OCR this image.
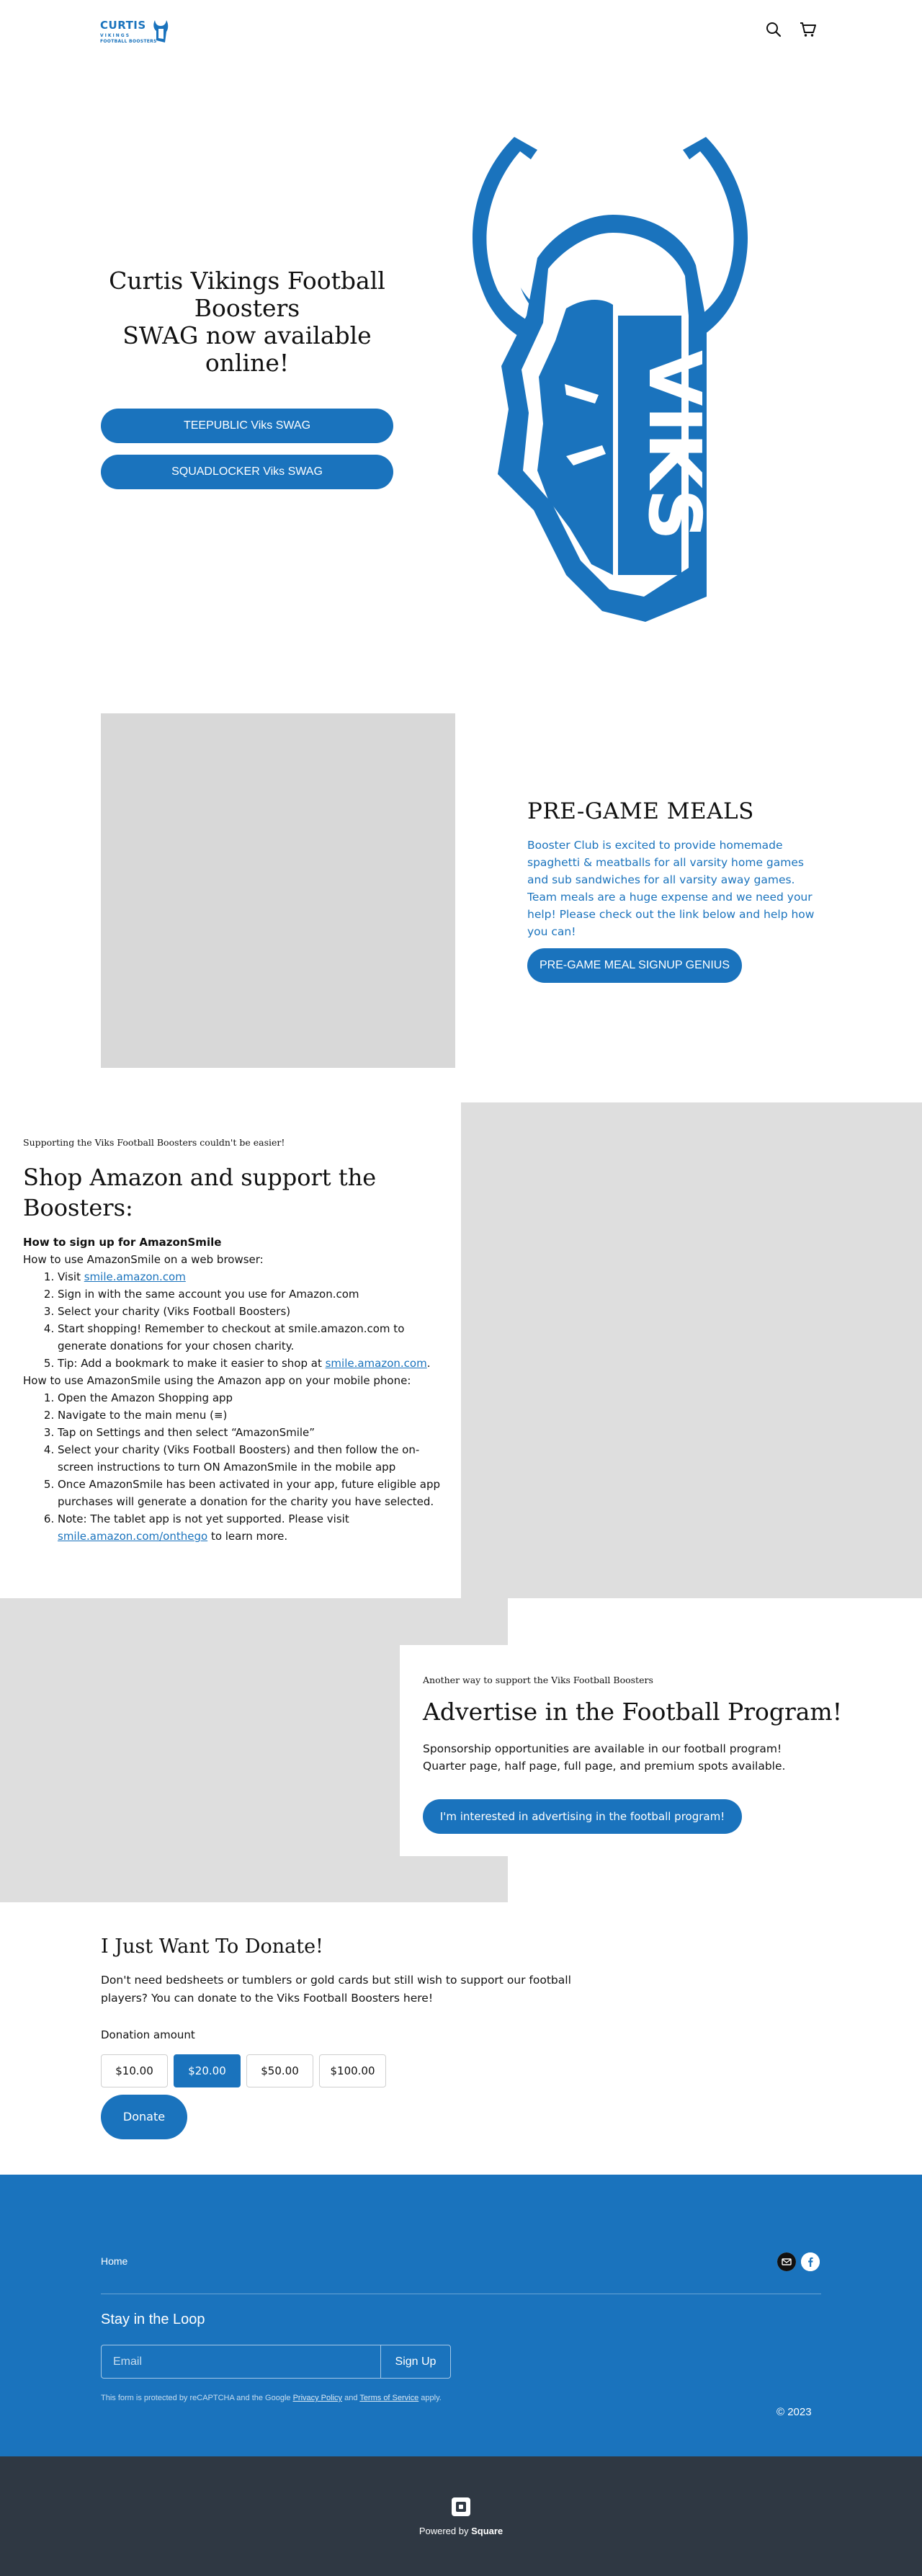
CURTIS
VIKINGS
FOOTBALL BOOSTERS
Curtis Vikings Football
Boosters
SWAG now available
online!
TEEPUBLIC Viks SWAG
SQUADLOCKER Viks SWAG	VIKS
PRE-GAME MEALS
Booster Club is excited to provide homemade spaghetti & meatballs for all varsity home games and sub sandwiches for all varsity away games. Team meals are a huge expense and we need your help! Please check out the link below and help how you can!
PRE-GAME MEAL SIGNUP GENIUS
Supporting the Viks Football Boosters couldn't be easier!
Shop Amazon and support the Boosters:
How to sign up for AmazonSmile
How to use AmazonSmile on a web browser:
1. Visit smile.amazon.com
2. Sign in with the same account you use for Amazon.com
3. Select your charity (Viks Football Boosters)
4. Start shopping! Remember to checkout at smile.amazon.com to generate donations for your chosen charity.
5. Tip: Add a bookmark to make it easier to shop at smile.amazon.com.
How to use AmazonSmile using the Amazon app on your mobile phone:
1. Open the Amazon Shopping app
2. Navigate to the main menu (≡)
3. Tap on Settings and then select “AmazonSmile”
4. Select your charity (Viks Football Boosters) and then follow the on-screen instructions to turn ON AmazonSmile in the mobile app
5. Once AmazonSmile has been activated in your app, future eligible app purchases will generate a donation for the charity you have selected.
6. Note: The tablet app is not yet supported. Please visit smile.amazon.com/onthego to learn more.
Another way to support the Viks Football Boosters
Advertise in the Football Program!
Sponsorship opportunities are available in our football program!
Quarter page, half page, full page, and premium spots available.
I'm interested in advertising in the football program!
I Just Want To Donate!
Don't need bedsheets or tumblers or gold cards but still wish to support our football players? You can donate to the Viks Football Boosters here!
Donation amount
$10.00	$20.00	$50.00	$100.00
Donate
Home
Stay in the Loop
Email
Sign Up
This form is protected by reCAPTCHA and the Google Privacy Policy and Terms of Service apply.
© 2023
Powered by Square
